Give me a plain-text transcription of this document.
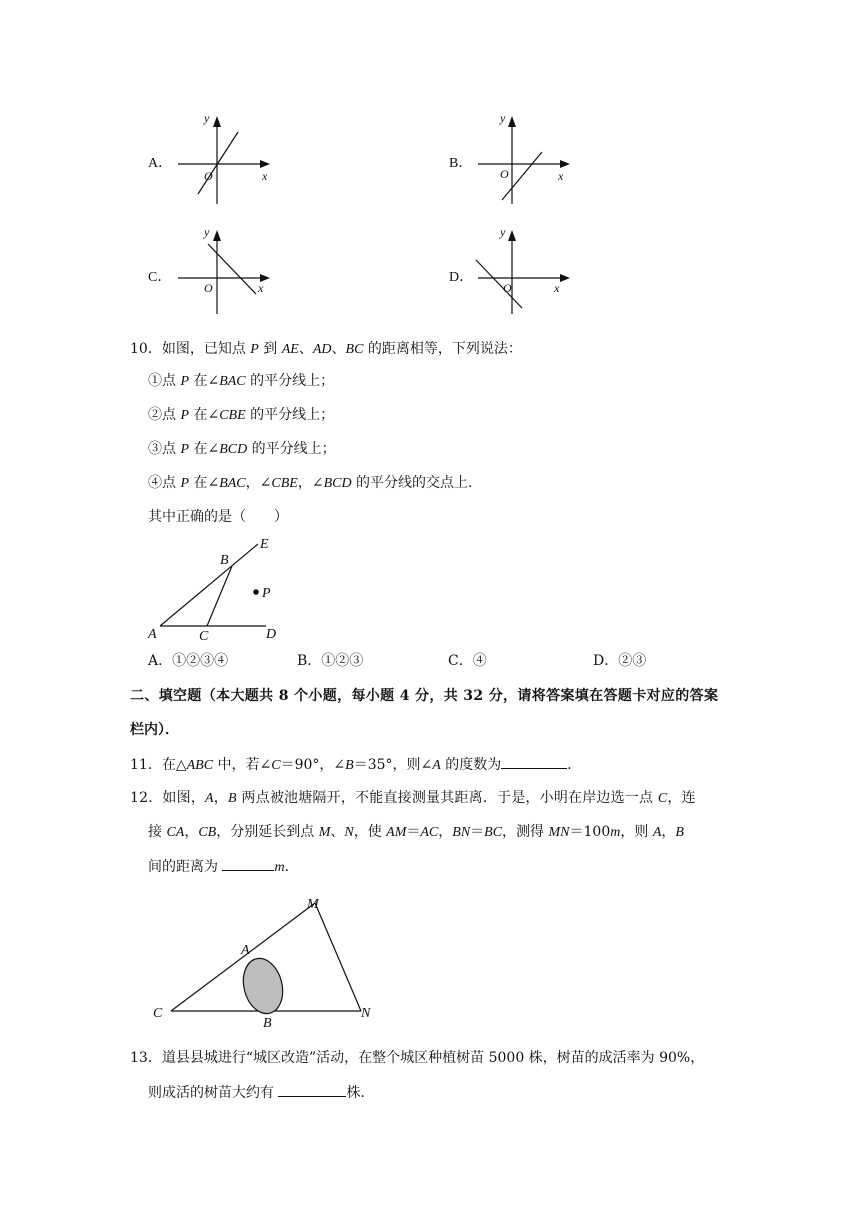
A．
y
O	x
B．
y
O	x
C．
y
O	x
D．
y
O	x
10．如图，已知点 P 到 AE、AD、BC 的距离相等，下列说法：
①点 P 在∠BAC 的平分线上；
②点 P 在∠CBE 的平分线上；
③点 P 在∠BCD 的平分线上；
④点 P 在∠BAC，∠CBE，∠BCD 的平分线的交点上．
其中正确的是（　　）
A
B
C	D
E
P
A．①②③④	B．①②③	C．④	D．②③
二、填空题（本大题共 8 个小题，每小题 4 分，共 32 分，请将答案填在答题卡对应的答案
栏内）．
11．在△ABC 中，若∠C＝90°，∠B＝35°，则∠A 的度数为	．
12．如图，A，B 两点被池塘隔开，不能直接测量其距离．于是，小明在岸边选一点 C，连
接 CA，CB，分别延长到点 M、N，使 AM＝AC，BN＝BC，测得 MN＝100m，则 A，B
间的距离为	m．
A
B
C
M
N
13．道县县城进行“城区改造”活动，在整个城区种植树苗 5000 株，树苗的成活率为 90%，
则成活的树苗大约有	株．
